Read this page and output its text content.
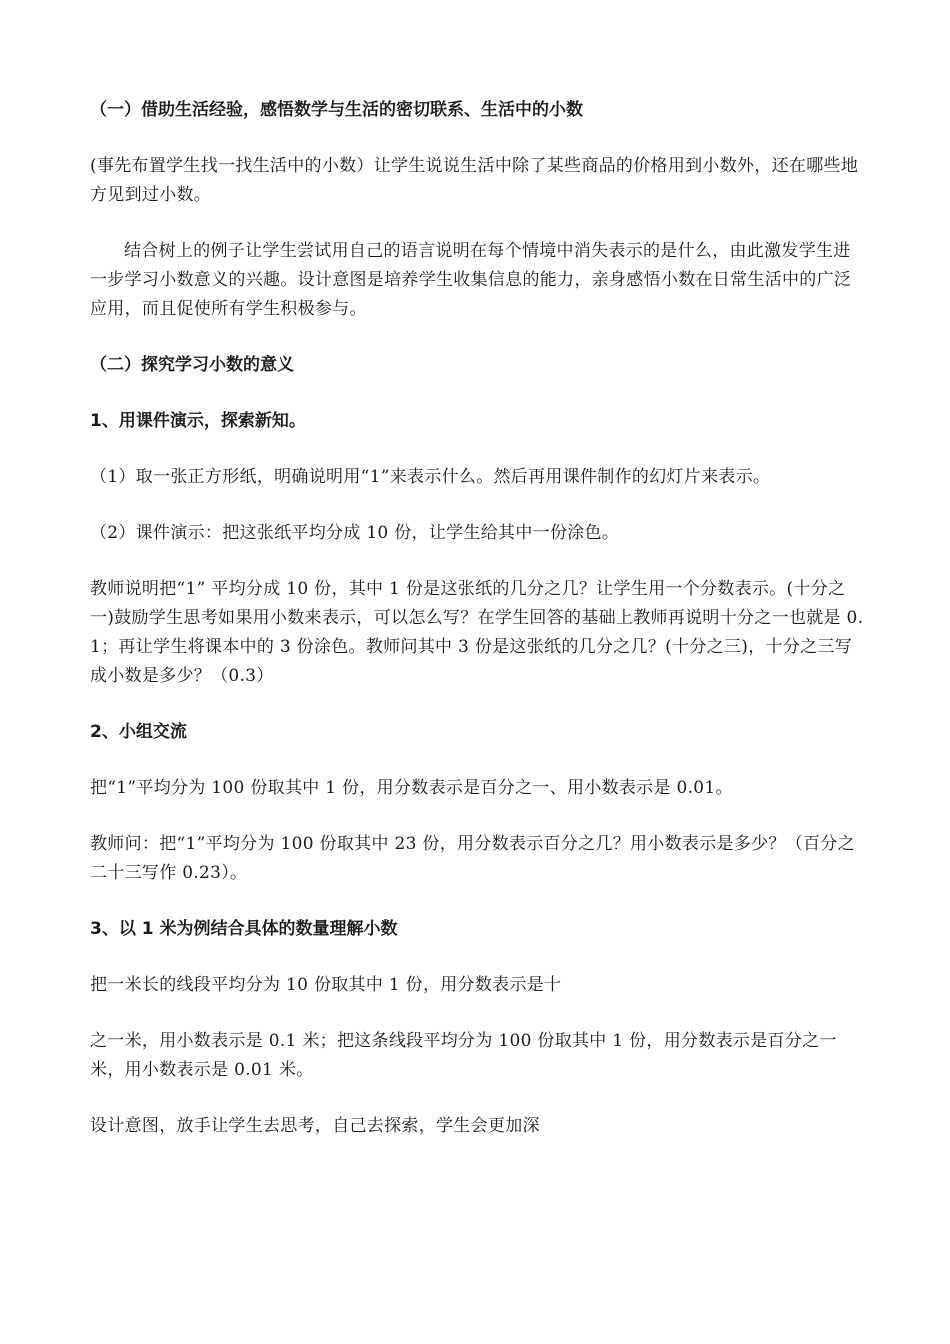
（一）借助生活经验，感悟数学与生活的密切联系、生活中的小数

(事先布置学生找一找生活中的小数）让学生说说生活中除了某些商品的价格用到小数外，还在哪些地方见到过小数。

结合树上的例子让学生尝试用自己的语言说明在每个情境中消失表示的是什么，由此激发学生进一步学习小数意义的兴趣。设计意图是培养学生收集信息的能力，亲身感悟小数在日常生活中的广泛应用，而且促使所有学生积极参与。

（二）探究学习小数的意义

1、用课件演示，探索新知。

（1）取一张正方形纸，明确说明用“1”来表示什么。然后再用课件制作的幻灯片来表示。

（2）课件演示：把这张纸平均分成 10 份，让学生给其中一份涂色。

教师说明把“1” 平均分成 10 份，其中 1 份是这张纸的几分之几？让学生用一个分数表示。(十分之一)鼓励学生思考如果用小数来表示，可以怎么写？在学生回答的基础上教师再说明十分之一也就是 0.1；再让学生将课本中的 3 份涂色。教师问其中 3 份是这张纸的几分之几？(十分之三)，十分之三写成小数是多少？（0.3）

2、小组交流

把“1”平均分为 100 份取其中 1 份，用分数表示是百分之一、用小数表示是 0.01。

教师问：把“1”平均分为 100 份取其中 23 份，用分数表示百分之几？用小数表示是多少？（百分之二十三写作 0.23）。

3、以 1 米为例结合具体的数量理解小数

把一米长的线段平均分为 10 份取其中 1 份，用分数表示是十

之一米，用小数表示是 0.1 米；把这条线段平均分为 100 份取其中 1 份，用分数表示是百分之一米，用小数表示是 0.01 米。

设计意图，放手让学生去思考，自己去探索，学生会更加深
